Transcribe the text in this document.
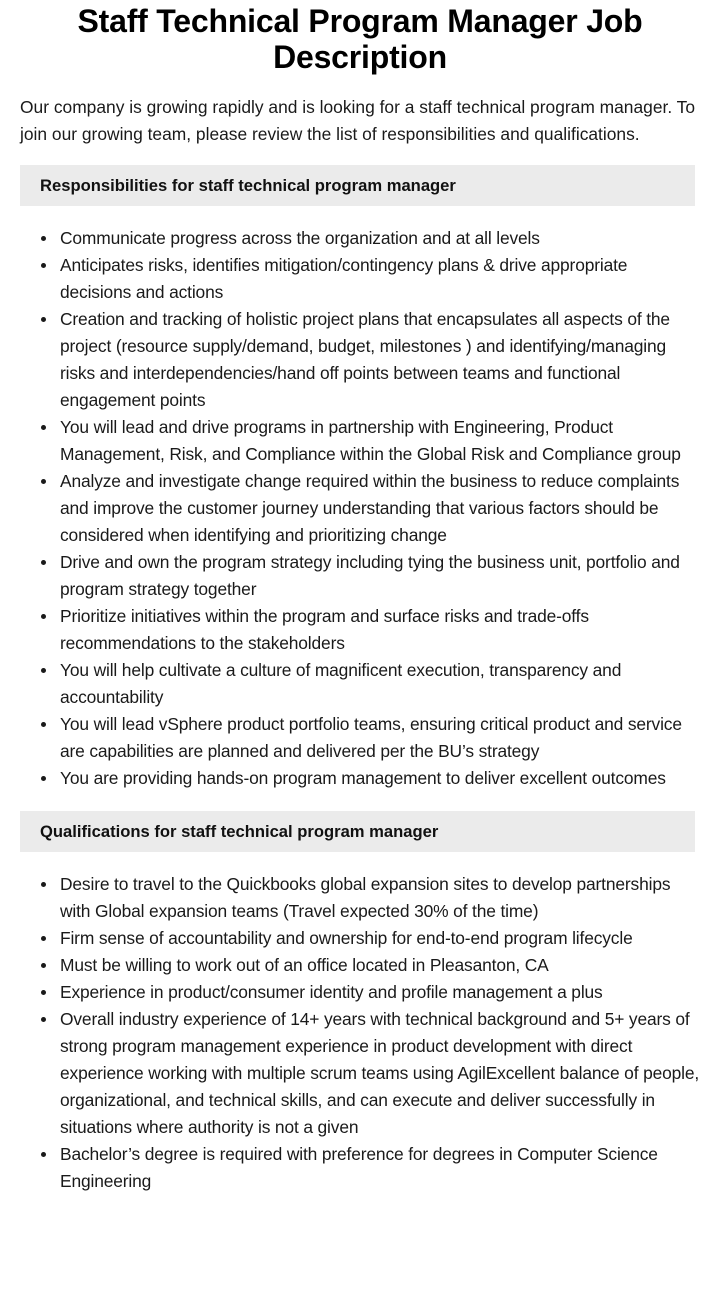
Staff Technical Program Manager Job Description

Our company is growing rapidly and is looking for a staff technical program manager. To join our growing team, please review the list of responsibilities and qualifications.

Responsibilities for staff technical program manager
Communicate progress across the organization and at all levels
Anticipates risks, identifies mitigation/contingency plans & drive appropriate decisions and actions
Creation and tracking of holistic project plans that encapsulates all aspects of the project (resource supply/demand, budget, milestones ) and identifying/managing risks and interdependencies/hand off points between teams and functional engagement points
You will lead and drive programs in partnership with Engineering, Product Management, Risk, and Compliance within the Global Risk and Compliance group
Analyze and investigate change required within the business to reduce complaints and improve the customer journey understanding that various factors should be considered when identifying and prioritizing change
Drive and own the program strategy including tying the business unit, portfolio and program strategy together
Prioritize initiatives within the program and surface risks and trade-offs recommendations to the stakeholders
You will help cultivate a culture of magnificent execution, transparency and accountability
You will lead vSphere product portfolio teams, ensuring critical product and service are capabilities are planned and delivered per the BU’s strategy
You are providing hands-on program management to deliver excellent outcomes
Qualifications for staff technical program manager
Desire to travel to the Quickbooks global expansion sites to develop partnerships with Global expansion teams (Travel expected 30% of the time)
Firm sense of accountability and ownership for end-to-end program lifecycle
Must be willing to work out of an office located in Pleasanton, CA
Experience in product/consumer identity and profile management a plus
Overall industry experience of 14+ years with technical background and 5+ years of strong program management experience in product development with direct experience working with multiple scrum teams using AgilExcellent balance of people, organizational, and technical skills, and can execute and deliver successfully in situations where authority is not a given
Bachelor’s degree is required with preference for degrees in Computer Science Engineering
